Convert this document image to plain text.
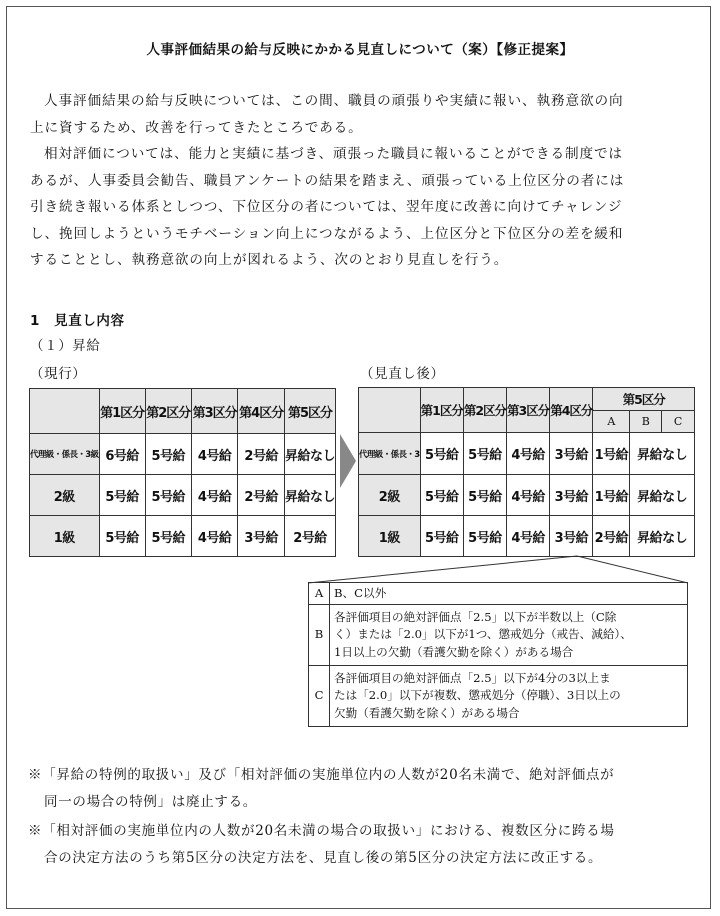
人事評価結果の給与反映にかかる見直しについて（案）【修正提案】
人事評価結果の給与反映については、この間、職員の頑張りや実績に報い、執務意欲の向
上に資するため、改善を行ってきたところである。
相対評価については、能力と実績に基づき、頑張った職員に報いることができる制度では
あるが、人事委員会勧告、職員アンケートの結果を踏まえ、頑張っている上位区分の者には
引き続き報いる体系としつつ、下位区分の者については、翌年度に改善に向けてチャレンジ
し、挽回しようというモチベーション向上につながるよう、上位区分と下位区分の差を緩和
することとし、執務意欲の向上が図れるよう、次のとおり見直しを行う。
1　見直し内容
（１）昇給
（現行）	（見直し後）
	第1区分	第2区分	第3区分	第4区分	第5区分
代理級・係長・3級	6号給	5号給	4号給	2号給	昇給なし
2級	5号給	5号給	4号給	2号給	昇給なし
1級	5号給	5号給	4号給	3号給	2号給
	第1区分	第2区分	第3区分	第4区分	第5区分		
					A	B	C
代理級・係長・3	5号給	5号給	4号給	3号給	1号給	昇給なし	
2級	5号給	5号給	4号給	3号給	1号給	昇給なし	
1級	5号給	5号給	4号給	3号給	2号給	昇給なし	
A	B、C以外
B	各評価項目の絶対評価点「2.5」以下が半数以上（C除
く）または「2.0」以下が1つ、懲戒処分（戒告、減給）、
1日以上の欠勤（看護欠勤を除く）がある場合

C	各評価項目の絶対評価点「2.5」以下が4分の3以上ま
たは「2.0」以下が複数、懲戒処分（停職）、3日以上の
欠勤（看護欠勤を除く）がある場合
※「昇給の特例的取扱い」及び「相対評価の実施単位内の人数が20名未満で、絶対評価点が
同一の場合の特例」は廃止する。
※「相対評価の実施単位内の人数が20名未満の場合の取扱い」における、複数区分に跨る場
合の決定方法のうち第5区分の決定方法を、見直し後の第5区分の決定方法に改正する。
